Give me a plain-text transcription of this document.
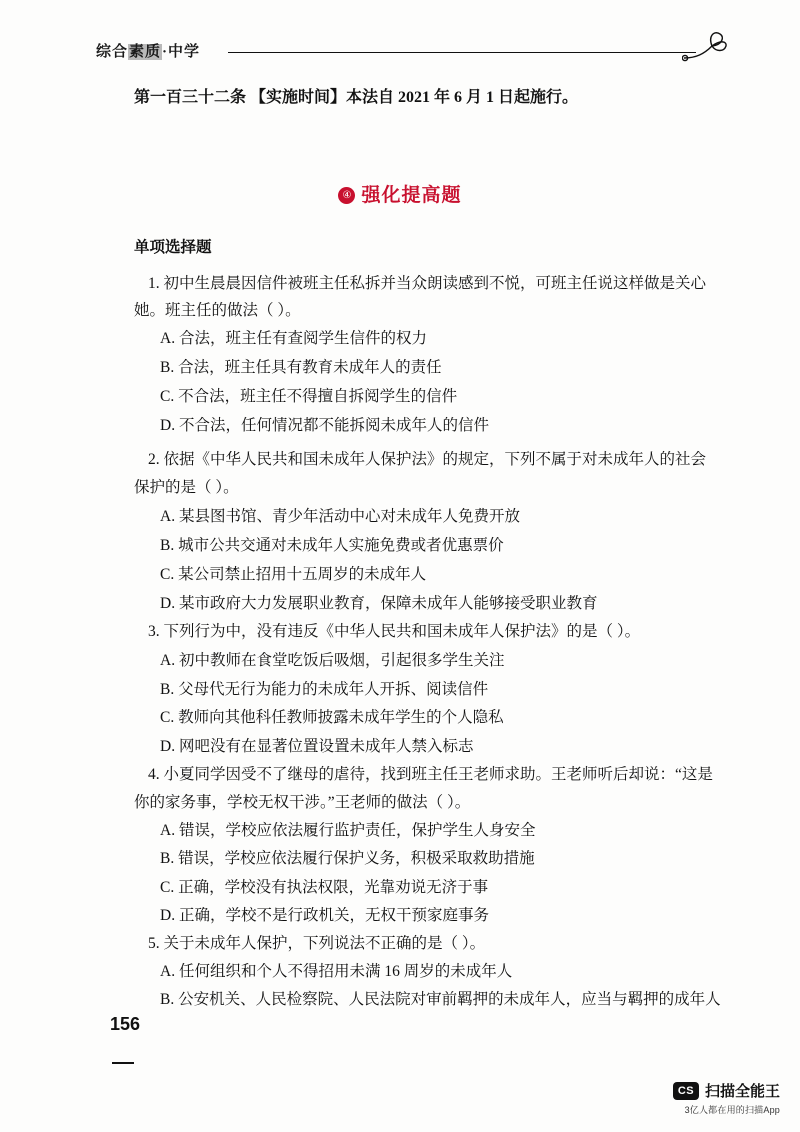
综合素质·中学
第一百三十二条 【实施时间】本法自 2021 年 6 月 1 日起施行。
④ 强化提高题
单项选择题
1. 初中生晨晨因信件被班主任私拆并当众朗读感到不悦，可班主任说这样做是关心
她。班主任的做法（ ）。
A. 合法，班主任有查阅学生信件的权力
B. 合法，班主任具有教育未成年人的责任
C. 不合法，班主任不得擅自拆阅学生的信件
D. 不合法，任何情况都不能拆阅未成年人的信件
2. 依据《中华人民共和国未成年人保护法》的规定，下列不属于对未成年人的社会
保护的是（ ）。
A. 某县图书馆、青少年活动中心对未成年人免费开放
B. 城市公共交通对未成年人实施免费或者优惠票价
C. 某公司禁止招用十五周岁的未成年人
D. 某市政府大力发展职业教育，保障未成年人能够接受职业教育
3. 下列行为中，没有违反《中华人民共和国未成年人保护法》的是（ ）。
A. 初中教师在食堂吃饭后吸烟，引起很多学生关注
B. 父母代无行为能力的未成年人开拆、阅读信件
C. 教师向其他科任教师披露未成年学生的个人隐私
D. 网吧没有在显著位置设置未成年人禁入标志
4. 小夏同学因受不了继母的虐待，找到班主任王老师求助。王老师听后却说：“这是
你的家务事，学校无权干涉。”王老师的做法（ ）。
A. 错误，学校应依法履行监护责任，保护学生人身安全
B. 错误，学校应依法履行保护义务，积极采取救助措施
C. 正确，学校没有执法权限，光靠劝说无济于事
D. 正确，学校不是行政机关，无权干预家庭事务
5. 关于未成年人保护，下列说法不正确的是（ ）。
A. 任何组织和个人不得招用未满 16 周岁的未成年人
B. 公安机关、人民检察院、人民法院对审前羁押的未成年人，应当与羁押的成年人
156
CS 扫描全能王
3亿人都在用的扫描App
